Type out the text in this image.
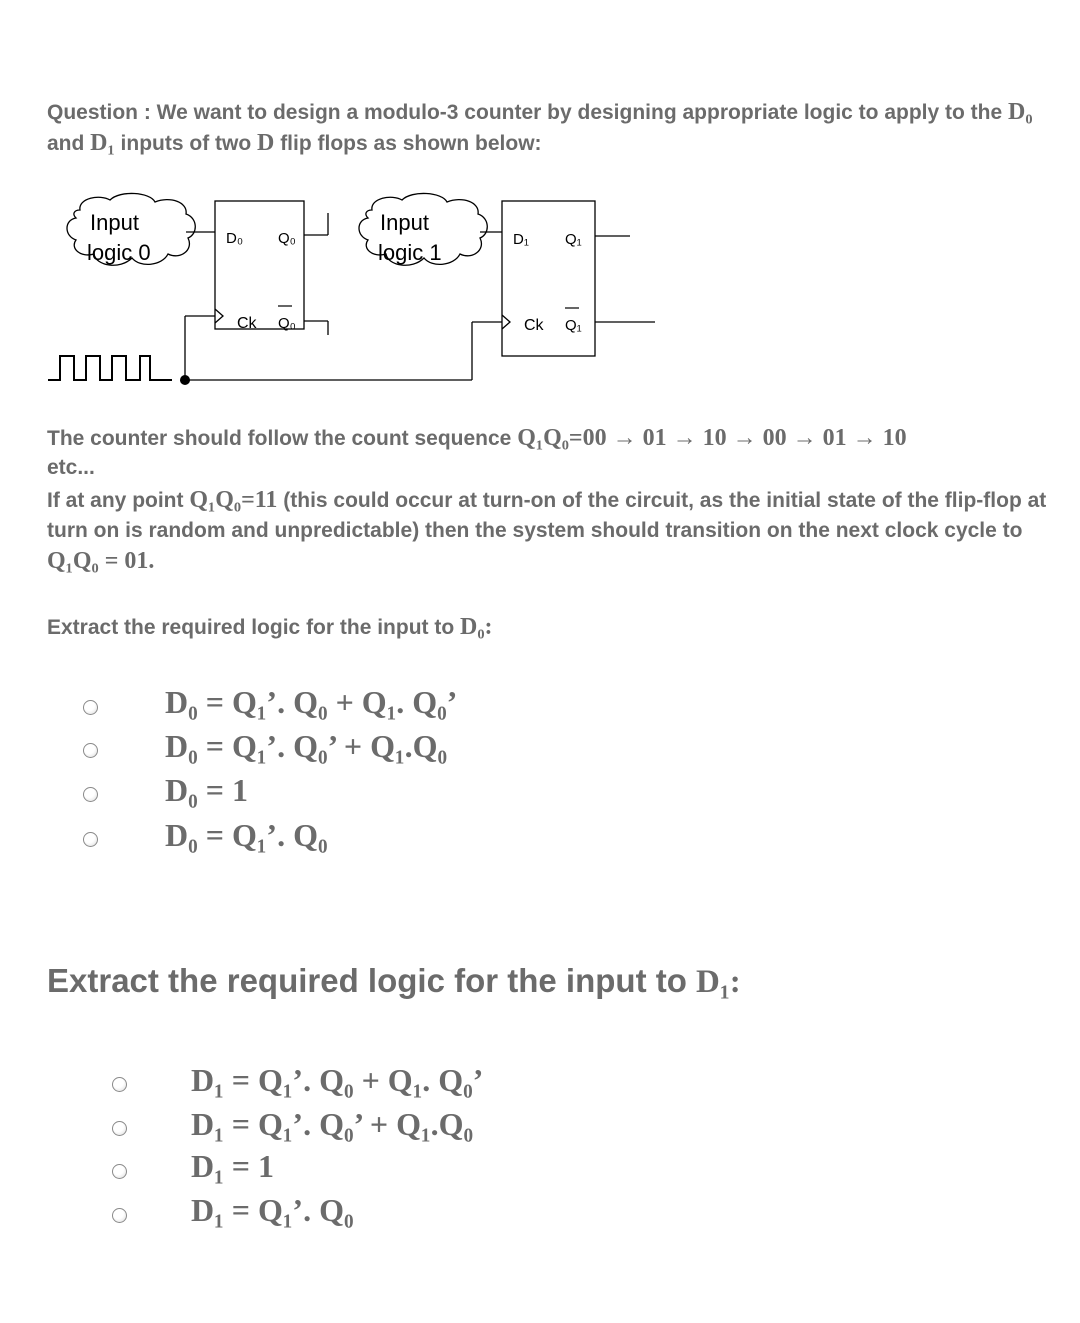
Question : We want to design a modulo-3 counter by designing appropriate logic to apply to the D₀ and D₁ inputs of two D flip flops as shown below:
Input
logic 0
Input
logic 1
D₀ Q₀
Ck Q₀
D₁ Q₁
Ck Q₁
The counter should follow the count sequence Q₁Q₀=00 → 01 → 10 → 00 → 01 → 10
etc...
If at any point Q₁Q₀=11 (this could occur at turn-on of the circuit, as the initial state of the flip-flop at turn on is random and unpredictable) then the system should transition on the next clock cycle to Q₁Q₀ = 01.
Extract the required logic for the input to D₀:
D₀ = Q₁’. Q₀ + Q₁. Q₀’
D₀ = Q₁’. Q₀’ + Q₁.Q₀
D₀ = 1
D₀ = Q₁’. Q₀
Extract the required logic for the input to D₁:
D₁ = Q₁’. Q₀ + Q₁. Q₀’
D₁ = Q₁’. Q₀’ + Q₁.Q₀
D₁ = 1
D₁ = Q₁’. Q₀
